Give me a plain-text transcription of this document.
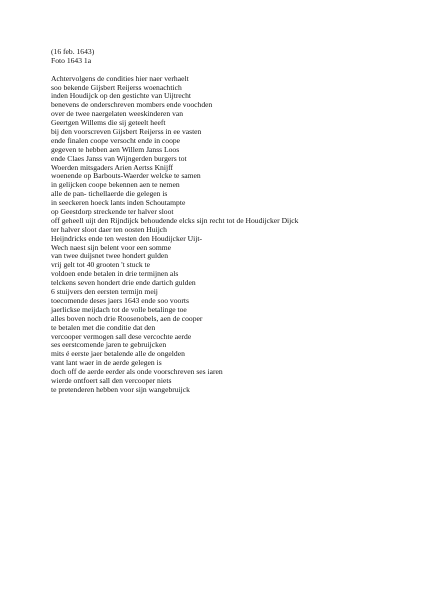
(16 feb. 1643)
Foto 1643 1a
Achtervolgens de condities hier naer verhaelt
soo bekende Gijsbert Reijerss woenachtich
inden Houdijck op den gestichte van Uijtrecht
benevens de onderschreven mombers ende voochden
over de twee naergelaten weeskinderen van
Geertgen Willems die sij geteelt heeft
bij den voorscreven Gijsbert Reijerss in ee vasten
ende finalen coope versocht ende in coope
gegeven te hebben aen Willem Janss Loos
ende Claes Janss van Wijngerden burgers tot
Woerden mitsgaders Arien Aertss Knijff
woenende op Barbouts-Waerder welcke te samen
in gelijcken coope bekennen aen te nemen
alle de pan- tichellaerde die gelegen is
in seeckeren hoeck lants inden Schoutampte
op Geestdorp streckende ter halver sloot
off geheell uijt den Rijndijck behoudende elcks sijn recht tot de Houdijcker Dijck
ter halver sloot daer ten oosten Huijch
Heijndricks ende ten westen den Houdijcker Uijt-
Wech naest sijn belent voor een somme
van twee duijsnet twee hondert gulden
vrij gelt tot 40 grooten 't stuck te
voldoen ende betalen in drie termijnen als
telckens seven hondert drie ende dartich gulden
6 stuijvers den eersten termijn meij
toecomende deses jaers 1643 ende soo voorts
jaerlickse meijdach tot de volle betalinge toe
alles boven noch drie Roosenobels, aen de cooper
te betalen met die conditie dat den
vercooper vermogen sall dese vercochte aerde
ses eerstcomende jaren te gebruijcken
mits é eerste jaer betalende alle de ongelden
vant lant waer in de aerde gelegen is
doch off de aerde eerder als onde voorschreven ses iaren
wierde ontfoert sall den vercooper niets
te pretenderen hebben voor sijn wangebruijck
